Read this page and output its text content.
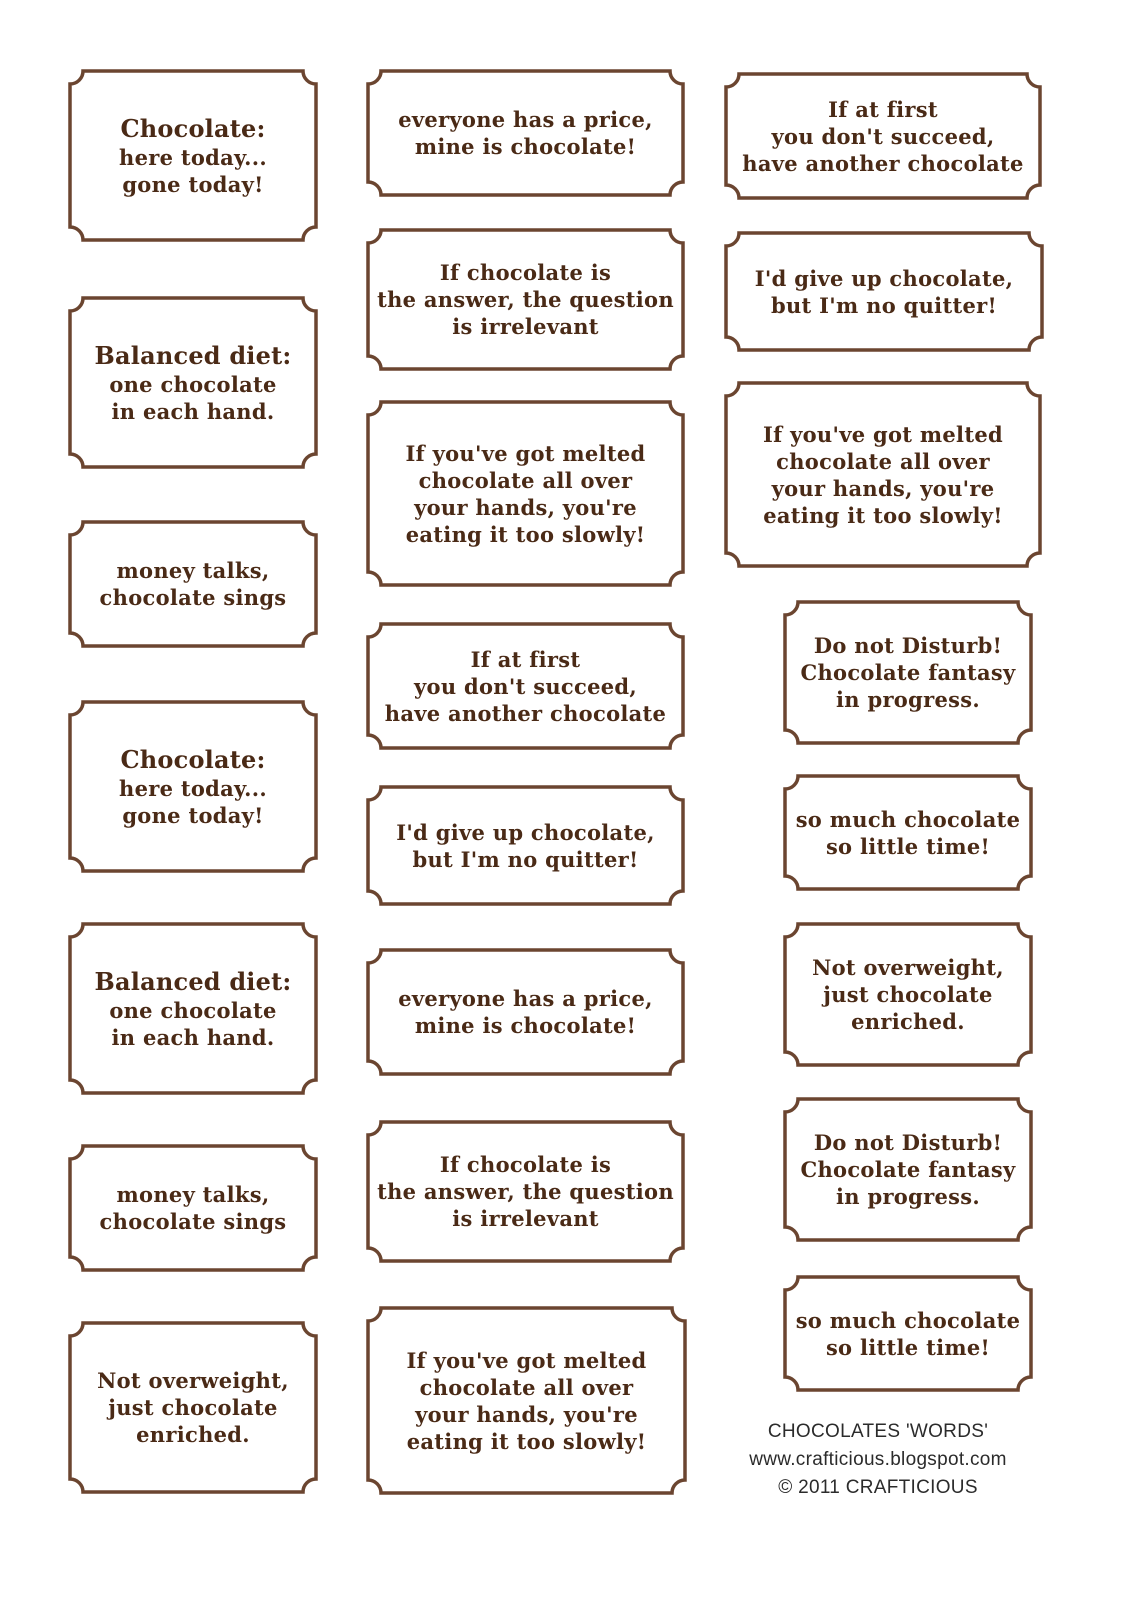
Chocolate:
here today...
gone today!
Balanced diet:
one chocolate
in each hand.
money talks,
chocolate sings
Chocolate:
here today...
gone today!
Balanced diet:
one chocolate
in each hand.
money talks,
chocolate sings
Not overweight,
just chocolate
enriched.
everyone has a price,
mine is chocolate!
If chocolate is
the answer, the question
is irrelevant
If you've got melted
chocolate all over
your hands, you're
eating it too slowly!
If at first
you don't succeed,
have another chocolate
I'd give up chocolate,
but I'm no quitter!
everyone has a price,
mine is chocolate!
If chocolate is
the answer, the question
is irrelevant
If you've got melted
chocolate all over
your hands, you're
eating it too slowly!
If at first
you don't succeed,
have another chocolate
I'd give up chocolate,
but I'm no quitter!
If you've got melted
chocolate all over
your hands, you're
eating it too slowly!
Do not Disturb!
Chocolate fantasy
in progress.
so much chocolate
so little time!
Not overweight,
just chocolate
enriched.
Do not Disturb!
Chocolate fantasy
in progress.
so much chocolate
so little time!
CHOCOLATES 'WORDS'
www.crafticious.blogspot.com
© 2011 CRAFTICIOUS
